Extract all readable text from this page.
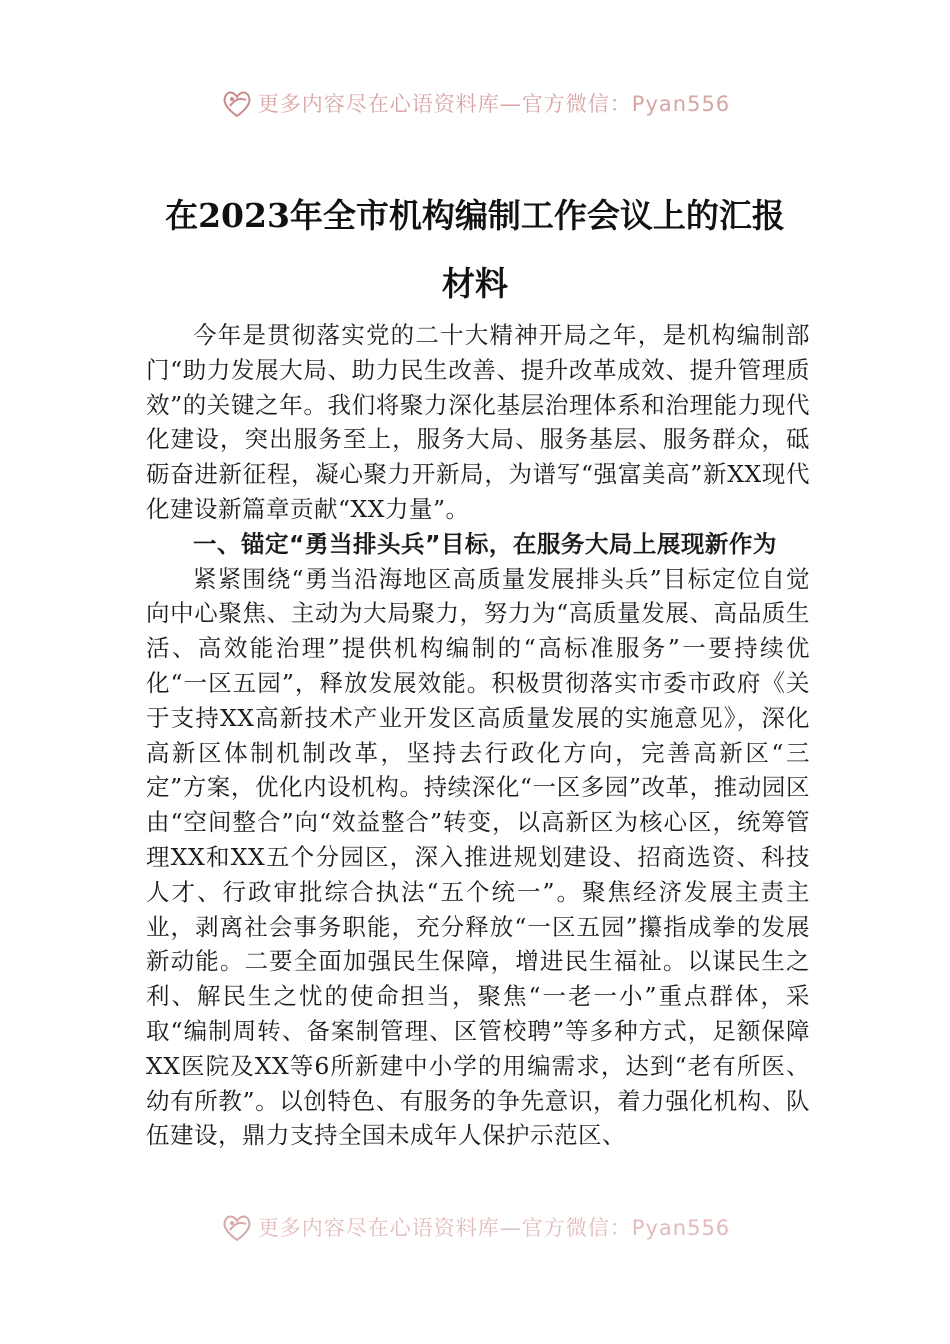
更多内容尽在心语资料库—官方微信：Pyan556
在2023年全市机构编制工作会议上的汇报
材料

今年是贯彻落实党的二十大精神开局之年，是机构编制部门“助力发展大局、助力民生改善、提升改革成效、提升管理质效”的关键之年。我们将聚力深化基层治理体系和治理能力现代化建设，突出服务至上，服务大局、服务基层、服务群众，砥砺奋进新征程，凝心聚力开新局，为谱写“强富美高”新XX现代化建设新篇章贡献“XX力量”。

一、锚定“勇当排头兵”目标，在服务大局上展现新作为

紧紧围绕“勇当沿海地区高质量发展排头兵”目标定位自觉向中心聚焦、主动为大局聚力，努力为“高质量发展、高品质生活、高效能治理”提供机构编制的“高标准服务”一要持续优化“一区五园”，释放发展效能。积极贯彻落实市委市政府《关于支持XX高新技术产业开发区高质量发展的实施意见》，深化高新区体制机制改革，坚持去行政化方向，完善高新区“三定”方案，优化内设机构。持续深化“一区多园”改革，推动园区由“空间整合”向“效益整合”转变，以高新区为核心区，统筹管理XX和XX五个分园区，深入推进规划建设、招商选资、科技人才、行政审批综合执法“五个统一”。聚焦经济发展主责主业，剥离社会事务职能，充分释放“一区五园”攥指成拳的发展新动能。二要全面加强民生保障，增进民生福祉。以谋民生之利、解民生之忧的使命担当，聚焦“一老一小”重点群体，采取“编制周转、备案制管理、区管校聘”等多种方式，足额保障XX医院及XX等6所新建中小学的用编需求，达到“老有所医、幼有所教”。以创特色、有服务的争先意识，着力强化机构、队伍建设，鼎力支持全国未成年人保护示范区、

更多内容尽在心语资料库—官方微信：Pyan556
